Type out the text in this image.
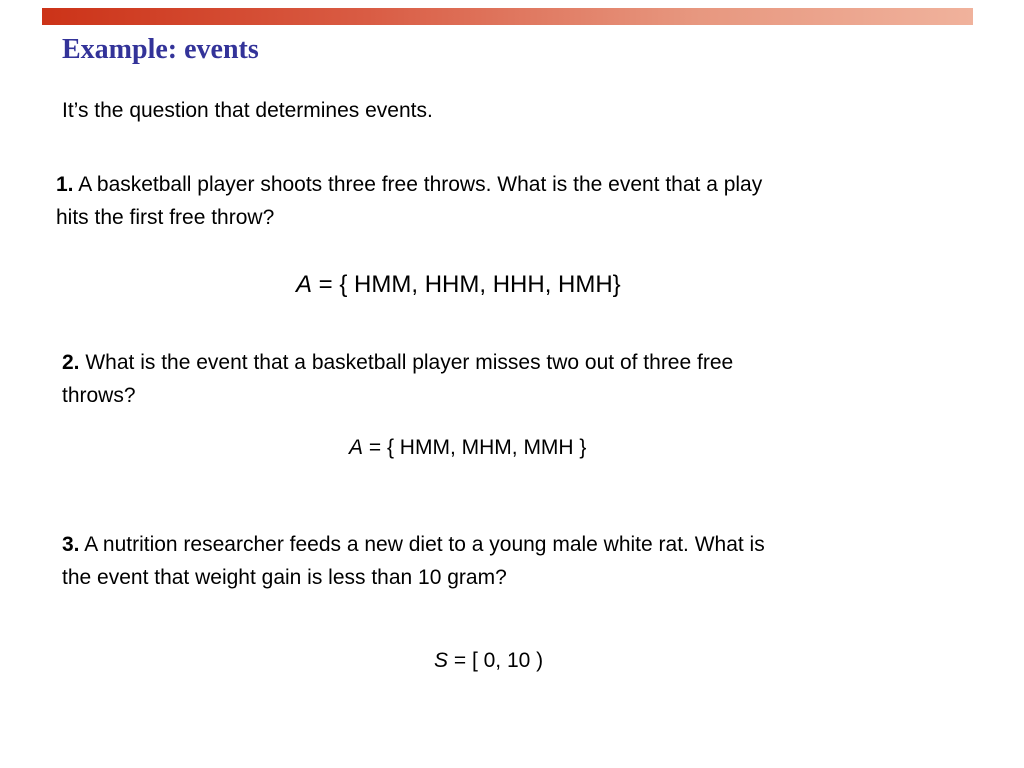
Example: events
It’s the question that determines events.
1. A basketball player shoots three free throws. What is the event that a play
hits the first free throw?
A = { HMM, HHM, HHH, HMH}
2. What is the event that a basketball player misses two out of three free
throws?
A = { HMM, MHM, MMH }
3. A nutrition researcher feeds a new diet to a young male white rat. What is
the event that weight gain is less than 10 gram?
S = [ 0, 10 )
